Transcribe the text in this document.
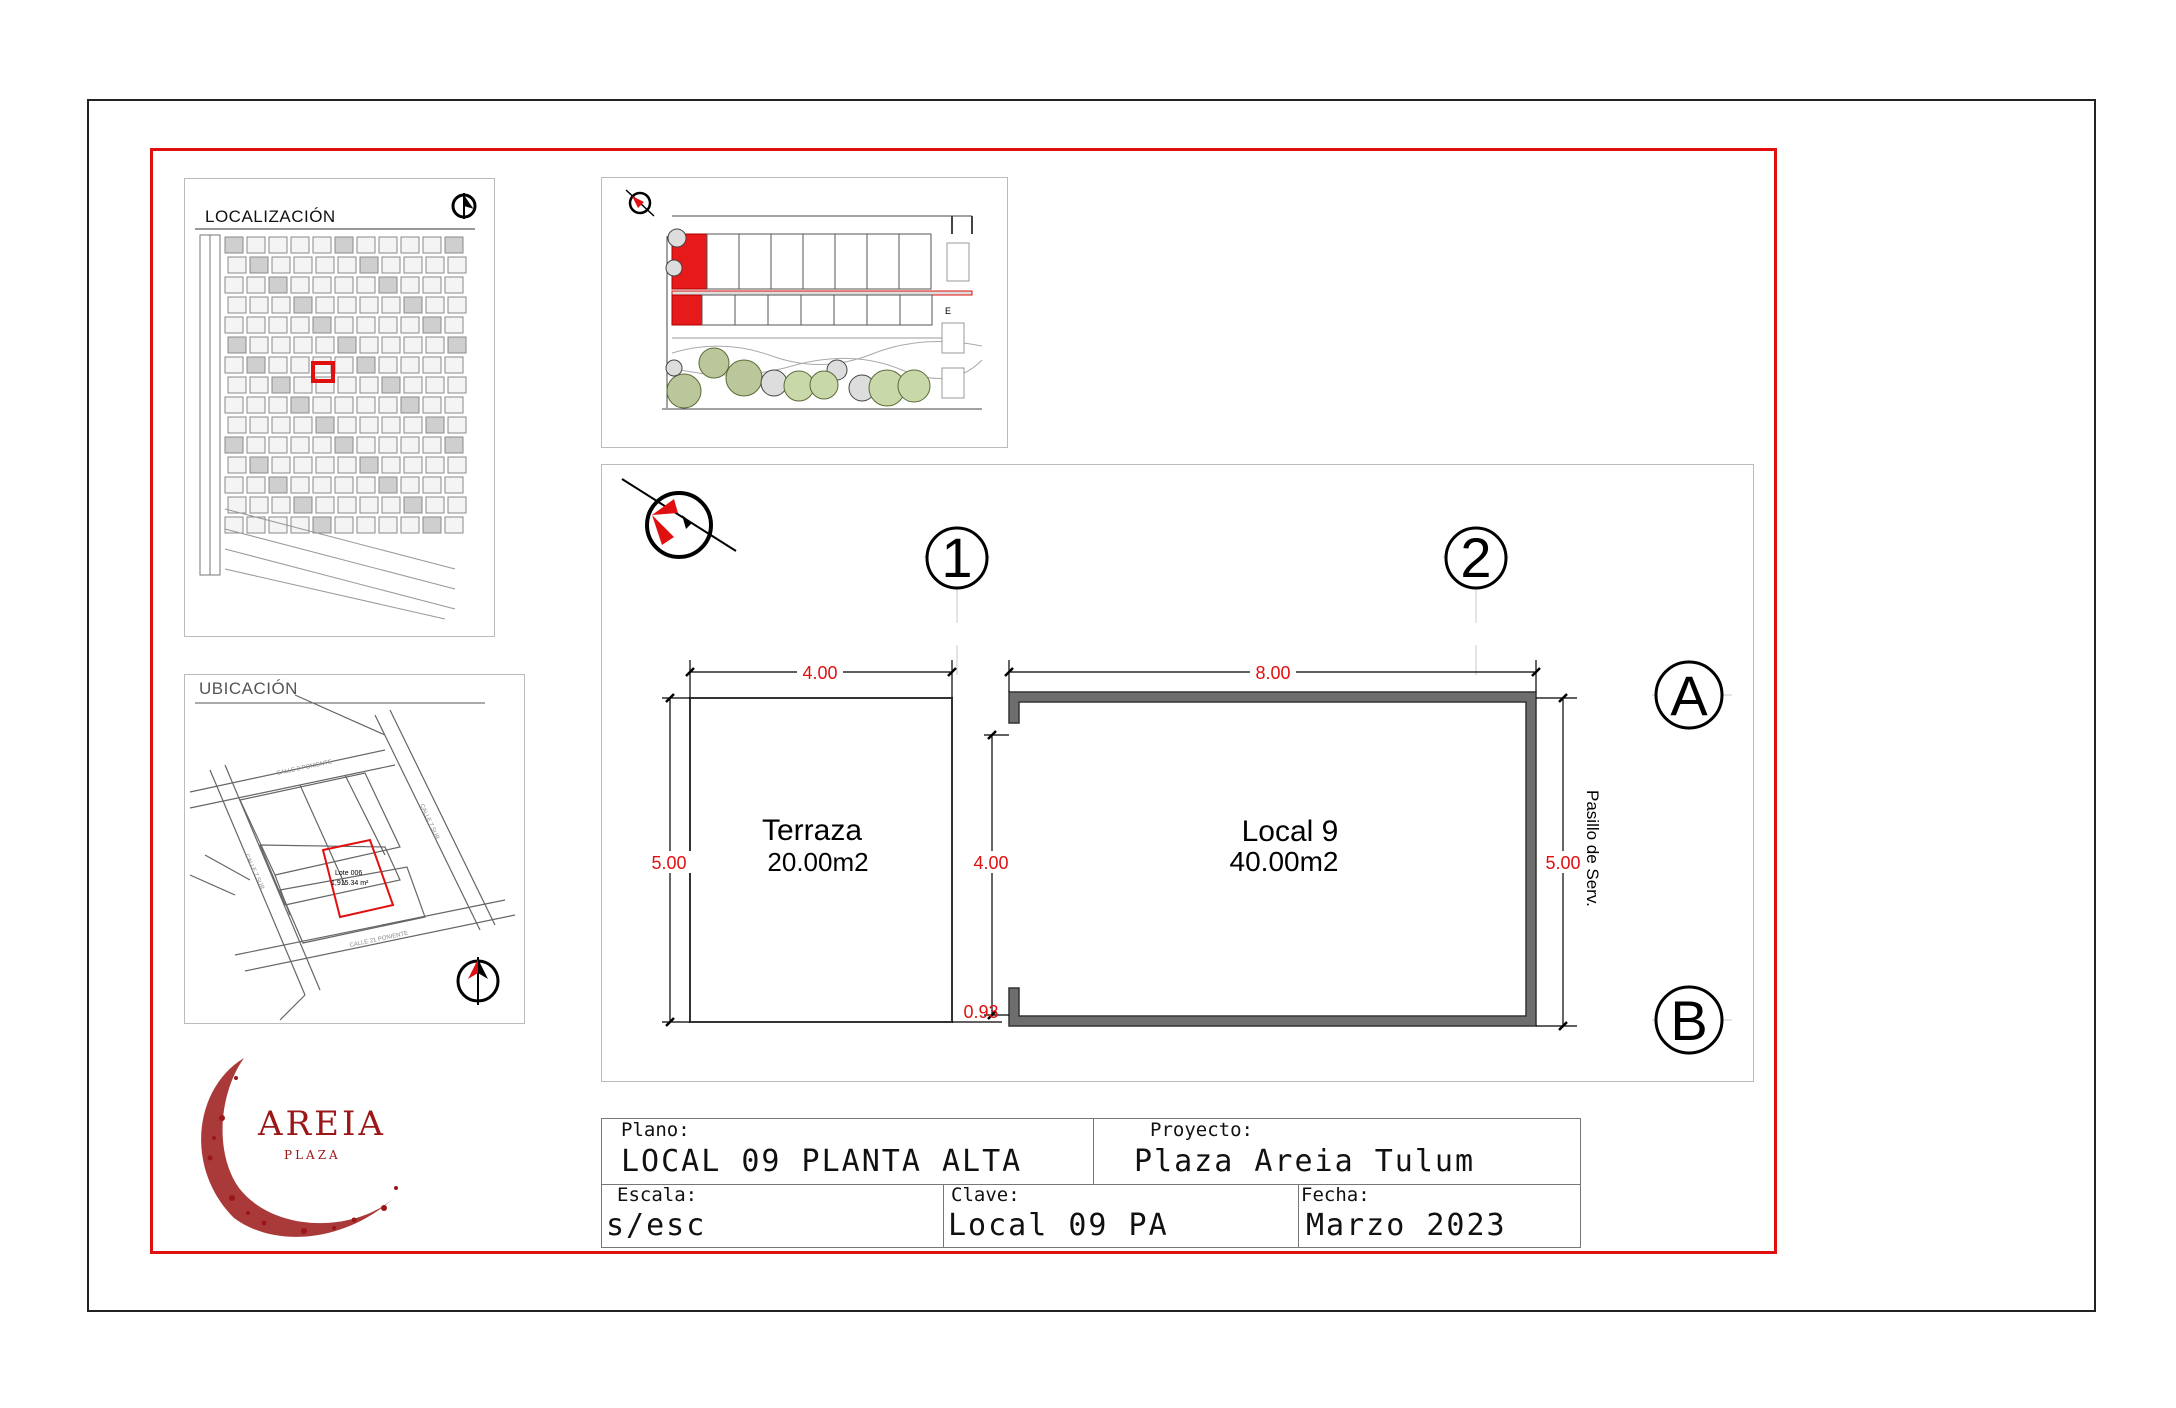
LOCALIZACIÓN
UBICACIÓN
Lote 006
1,915.34 m²
CALLE 2 PONIENTE
CALLE 7 SUR
CALLE 7 SUR
CALLE 21 PONIENTE
E
1	2
A
B
4.00	8.00
5.00	4.00	5.00
0.93
Terraza
20.00m2
Local 9
40.00m2	Pasillo de Serv.
AREIA
PLAZA
Plano:
LOCAL 09 PLANTA ALTA
Proyecto:
Plaza Areia Tulum
Escala:
s/esc
Clave:
Local 09 PA
Fecha:
Marzo 2023
